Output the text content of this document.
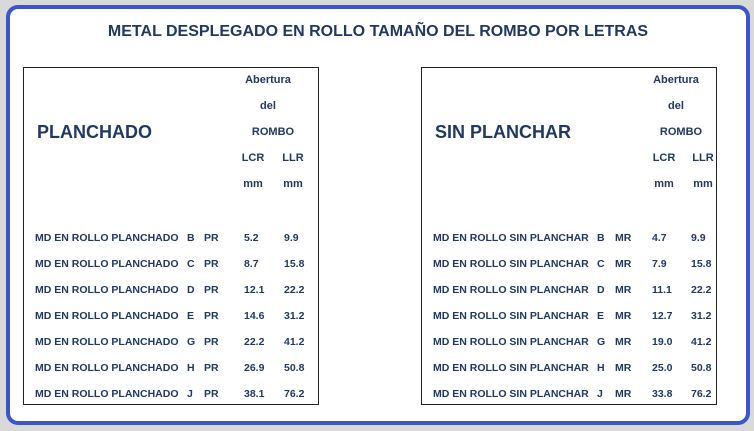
METAL DESPLEGADO EN ROLLO TAMAÑO DEL ROMBO POR LETRAS
PLANCHADO
Abertura
del
ROMBO
LCR	LLR
mm	mm
MD EN ROLLO PLANCHADO B PR 5.2 9.9
MD EN ROLLO PLANCHADO C PR 8.7 15.8
MD EN ROLLO PLANCHADO D PR 12.1 22.2
MD EN ROLLO PLANCHADO E PR 14.6 31.2
MD EN ROLLO PLANCHADO G PR 22.2 41.2
MD EN ROLLO PLANCHADO H PR 26.9 50.8
MD EN ROLLO PLANCHADO J PR 38.1 76.2
SIN PLANCHAR
Abertura
del
ROMBO
LCR	LLR
mm	mm
MD EN ROLLO SIN PLANCHAR B MR 4.7 9.9
MD EN ROLLO SIN PLANCHAR C MR 7.9 15.8
MD EN ROLLO SIN PLANCHAR D MR 11.1 22.2
MD EN ROLLO SIN PLANCHAR E MR 12.7 31.2
MD EN ROLLO SIN PLANCHAR G MR 19.0 41.2
MD EN ROLLO SIN PLANCHAR H MR 25.0 50.8
MD EN ROLLO SIN PLANCHAR J MR 33.8 76.2
